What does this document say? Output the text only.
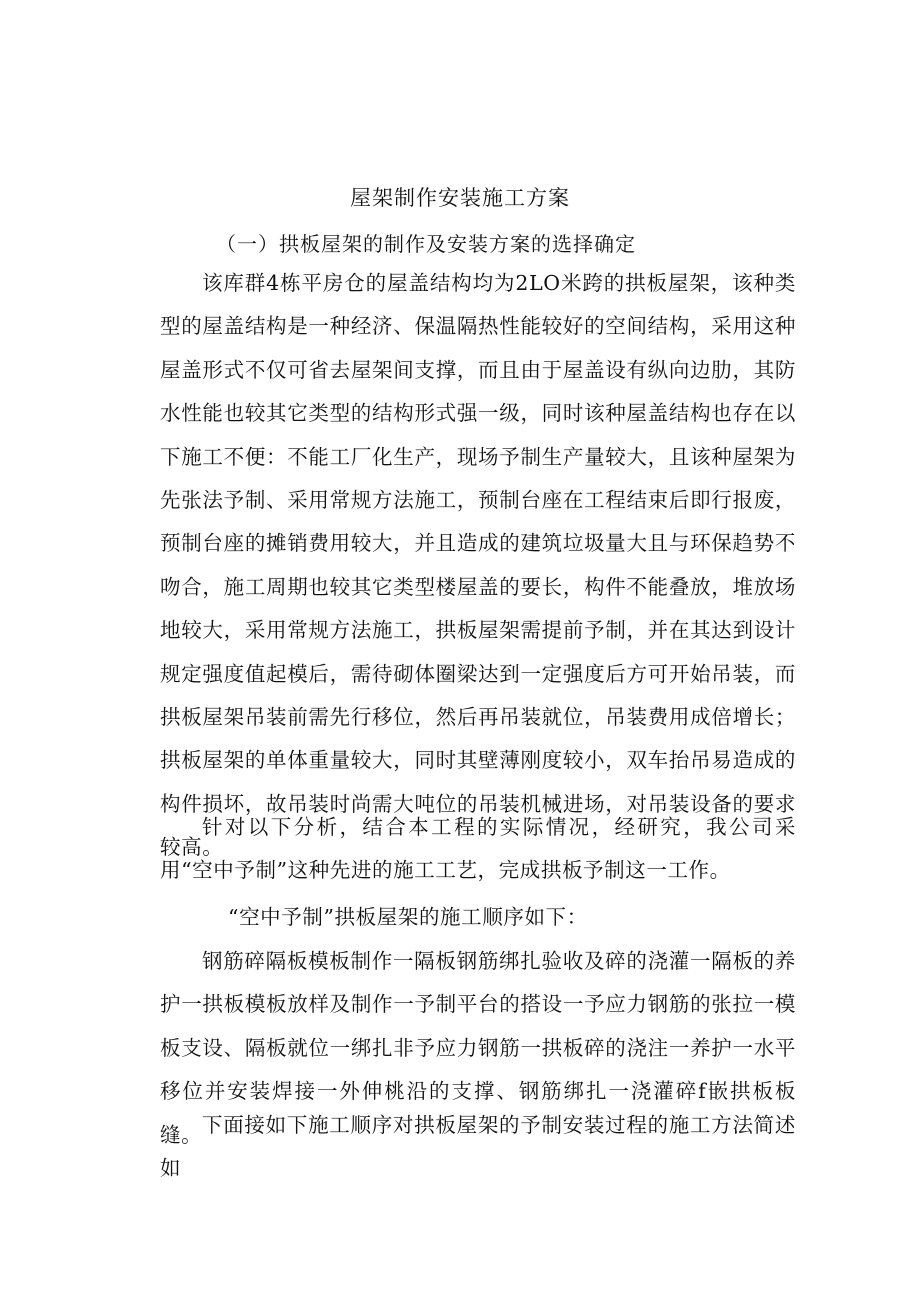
屋架制作安装施工方案
（一）拱板屋架的制作及安装方案的选择确定

该库群4栋平房仓的屋盖结构均为2LO米跨的拱板屋架，该种类型的屋盖结构是一种经济、保温隔热性能较好的空间结构，采用这种屋盖形式不仅可省去屋架间支撑，而且由于屋盖设有纵向边肋，其防水性能也较其它类型的结构形式强一级，同时该种屋盖结构也存在以下施工不便：不能工厂化生产，现场予制生产量较大，且该种屋架为先张法予制、采用常规方法施工，预制台座在工程结束后即行报废，预制台座的摊销费用较大，并且造成的建筑垃圾量大且与环保趋势不吻合，施工周期也较其它类型楼屋盖的要长，构件不能叠放，堆放场地较大，采用常规方法施工，拱板屋架需提前予制，并在其达到设计规定强度值起模后，需待砌体圈梁达到一定强度后方可开始吊装，而拱板屋架吊装前需先行移位，然后再吊装就位，吊装费用成倍增长；拱板屋架的单体重量较大，同时其壁薄刚度较小，双车抬吊易造成的构件损坏，故吊装时尚需大吨位的吊装机械进场，对吊装设备的要求较高。

针对以下分析，结合本工程的实际情况，经研究，我公司采用“空中予制”这种先进的施工工艺，完成拱板予制这一工作。

“空中予制”拱板屋架的施工顺序如下：

钢筋碎隔板模板制作一隔板钢筋绑扎验收及碎的浇灌一隔板的养护一拱板模板放样及制作一予制平台的搭设一予应力钢筋的张拉一模板支设、隔板就位一绑扎非予应力钢筋一拱板碎的浇注一养护一水平移位并安装焊接一外伸桃沿的支撑、钢筋绑扎一浇灌碎f嵌拱板板缝。 下面接如下施工顺序对拱板屋架的予制安装过程的施工方法简述如
